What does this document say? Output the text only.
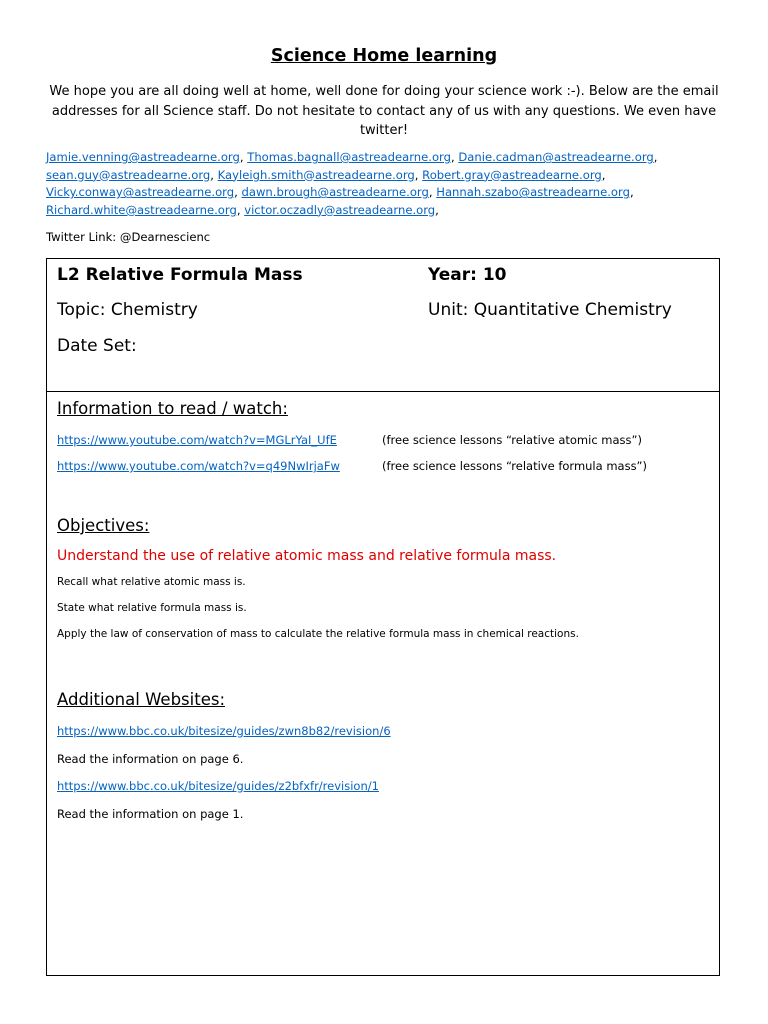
Science Home learning
We hope you are all doing well at home, well done for doing your science work :-). Below are the email addresses for all Science staff. Do not hesitate to contact any of us with any questions. We even have twitter!
Jamie.venning@astreadearne.org, Thomas.bagnall@astreadearne.org, Danie.cadman@astreadearne.org,
sean.guy@astreadearne.org, Kayleigh.smith@astreadearne.org, Robert.gray@astreadearne.org,
Vicky.conway@astreadearne.org, dawn.brough@astreadearne.org, Hannah.szabo@astreadearne.org,
Richard.white@astreadearne.org, victor.oczadly@astreadearne.org,
Twitter Link: @Dearnescienc
L2 Relative Formula Mass	Year: 10
Topic: Chemistry	Unit: Quantitative Chemistry
Date Set:
Information to read / watch:
https://www.youtube.com/watch?v=MGLrYaI_UfE	(free science lessons “relative atomic mass”)
https://www.youtube.com/watch?v=q49NwIrjaFw	(free science lessons “relative formula mass”)
Objectives:
Understand the use of relative atomic mass and relative formula mass.
Recall what relative atomic mass is.
State what relative formula mass is.
Apply the law of conservation of mass to calculate the relative formula mass in chemical reactions.
Additional Websites:
https://www.bbc.co.uk/bitesize/guides/zwn8b82/revision/6
Read the information on page 6.
https://www.bbc.co.uk/bitesize/guides/z2bfxfr/revision/1
Read the information on page 1.
